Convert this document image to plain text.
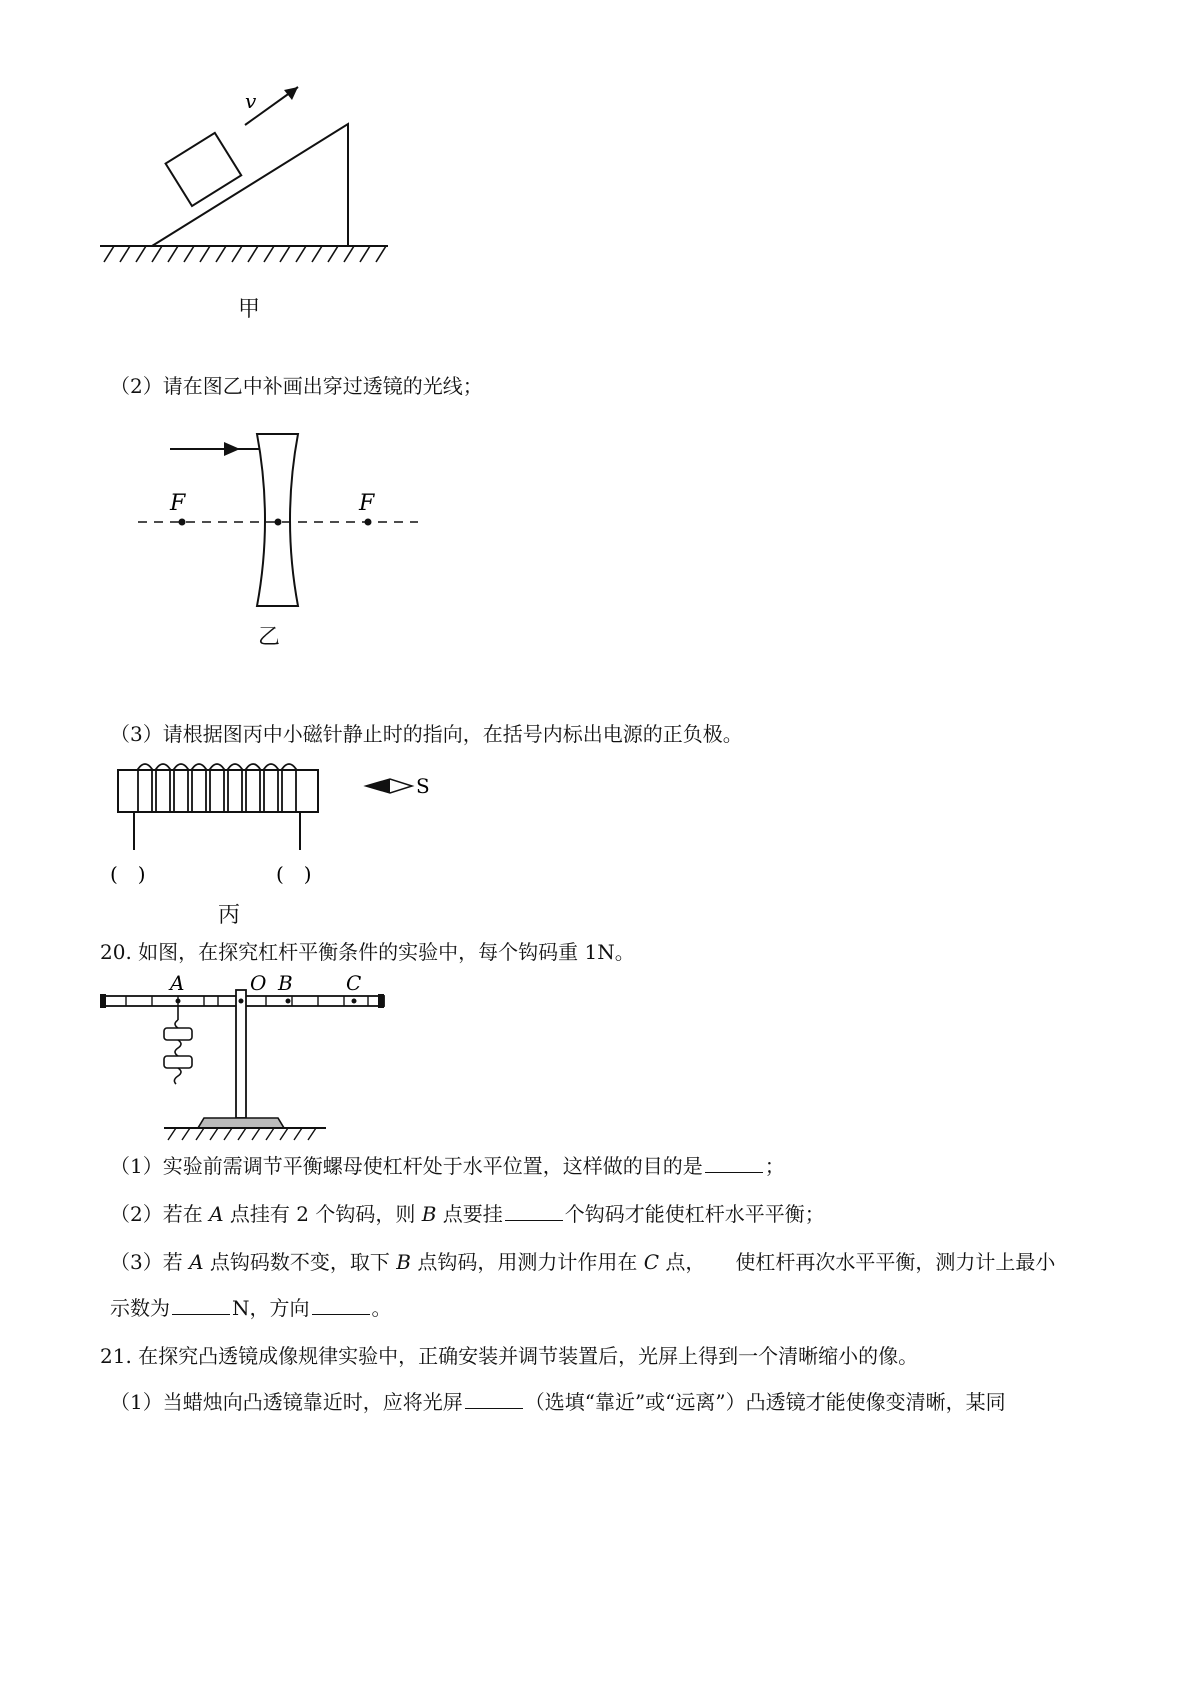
v
甲
（2）请在图乙中补画出穿过透镜的光线；
F	F
乙
（3）请根据图丙中小磁针静止时的指向，在括号内标出电源的正负极。
S
(　)	(　)
丙
20. 如图，在探究杠杆平衡条件的实验中，每个钩码重 1N。
A	O B	C
（1）实验前需调节平衡螺母使杠杆处于水平位置，这样做的目的是	；
（2）若在 A 点挂有 2 个钩码，则 B 点要挂	个钩码才能使杠杆水平平衡；
（3）若 A 点钩码数不变，取下 B 点钩码，用测力计作用在 C 点，　　使杠杆再次水平平衡，测力计上最小
示数为	N，方向	。
21. 在探究凸透镜成像规律实验中，正确安装并调节装置后，光屏上得到一个清晰缩小的像。
（1）当蜡烛向凸透镜靠近时，应将光屏	（选填“靠近”或“远离”）凸透镜才能使像变清晰，某同
